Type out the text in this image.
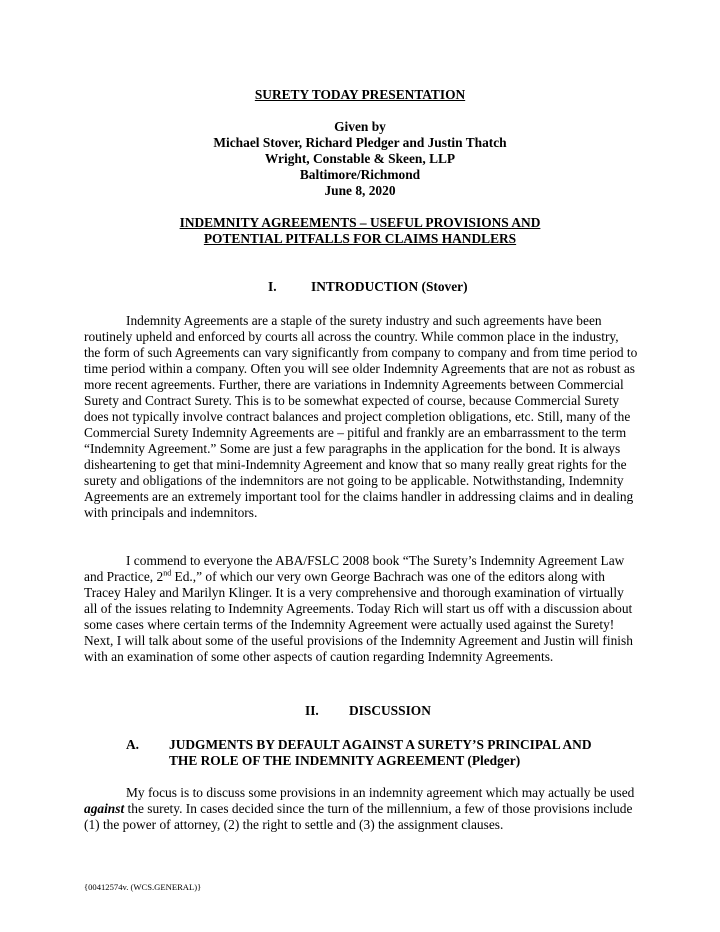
SURETY TODAY PRESENTATION
Given by
Michael Stover, Richard Pledger and Justin Thatch
Wright, Constable & Skeen, LLP
Baltimore/Richmond
June 8, 2020
INDEMNITY AGREEMENTS – USEFUL PROVISIONS AND
POTENTIAL PITFALLS FOR CLAIMS HANDLERS
I.	INTRODUCTION (Stover)
Indemnity Agreements are a staple of the surety industry and such agreements have been routinely upheld and enforced by courts all across the country. While common place in the industry, the form of such Agreements can vary significantly from company to company and from time period to time period within a company. Often you will see older Indemnity Agreements that are not as robust as more recent agreements. Further, there are variations in Indemnity Agreements between Commercial Surety and Contract Surety. This is to be somewhat expected of course, because Commercial Surety does not typically involve contract balances and project completion obligations, etc. Still, many of the Commercial Surety Indemnity Agreements are – pitiful and frankly are an embarrassment to the term “Indemnity Agreement.” Some are just a few paragraphs in the application for the bond. It is always disheartening to get that mini-Indemnity Agreement and know that so many really great rights for the surety and obligations of the indemnitors are not going to be applicable. Notwithstanding, Indemnity Agreements are an extremely important tool for the claims handler in addressing claims and in dealing with principals and indemnitors.
I commend to everyone the ABA/FSLC 2008 book “The Surety’s Indemnity Agreement Law and Practice, 2nd Ed.,” of which our very own George Bachrach was one of the editors along with Tracey Haley and Marilyn Klinger. It is a very comprehensive and thorough examination of virtually all of the issues relating to Indemnity Agreements. Today Rich will start us off with a discussion about some cases where certain terms of the Indemnity Agreement were actually used against the Surety! Next, I will talk about some of the useful provisions of the Indemnity Agreement and Justin will finish with an examination of some other aspects of caution regarding Indemnity Agreements.
II. DISCUSSION
A. JUDGMENTS BY DEFAULT AGAINST A SURETY’S PRINCIPAL AND
THE ROLE OF THE INDEMNITY AGREEMENT (Pledger)
My focus is to discuss some provisions in an indemnity agreement which may actually be used against the surety. In cases decided since the turn of the millennium, a few of those provisions include (1) the power of attorney, (2) the right to settle and (3) the assignment clauses.
{00412574v. (WCS.GENERAL)}
